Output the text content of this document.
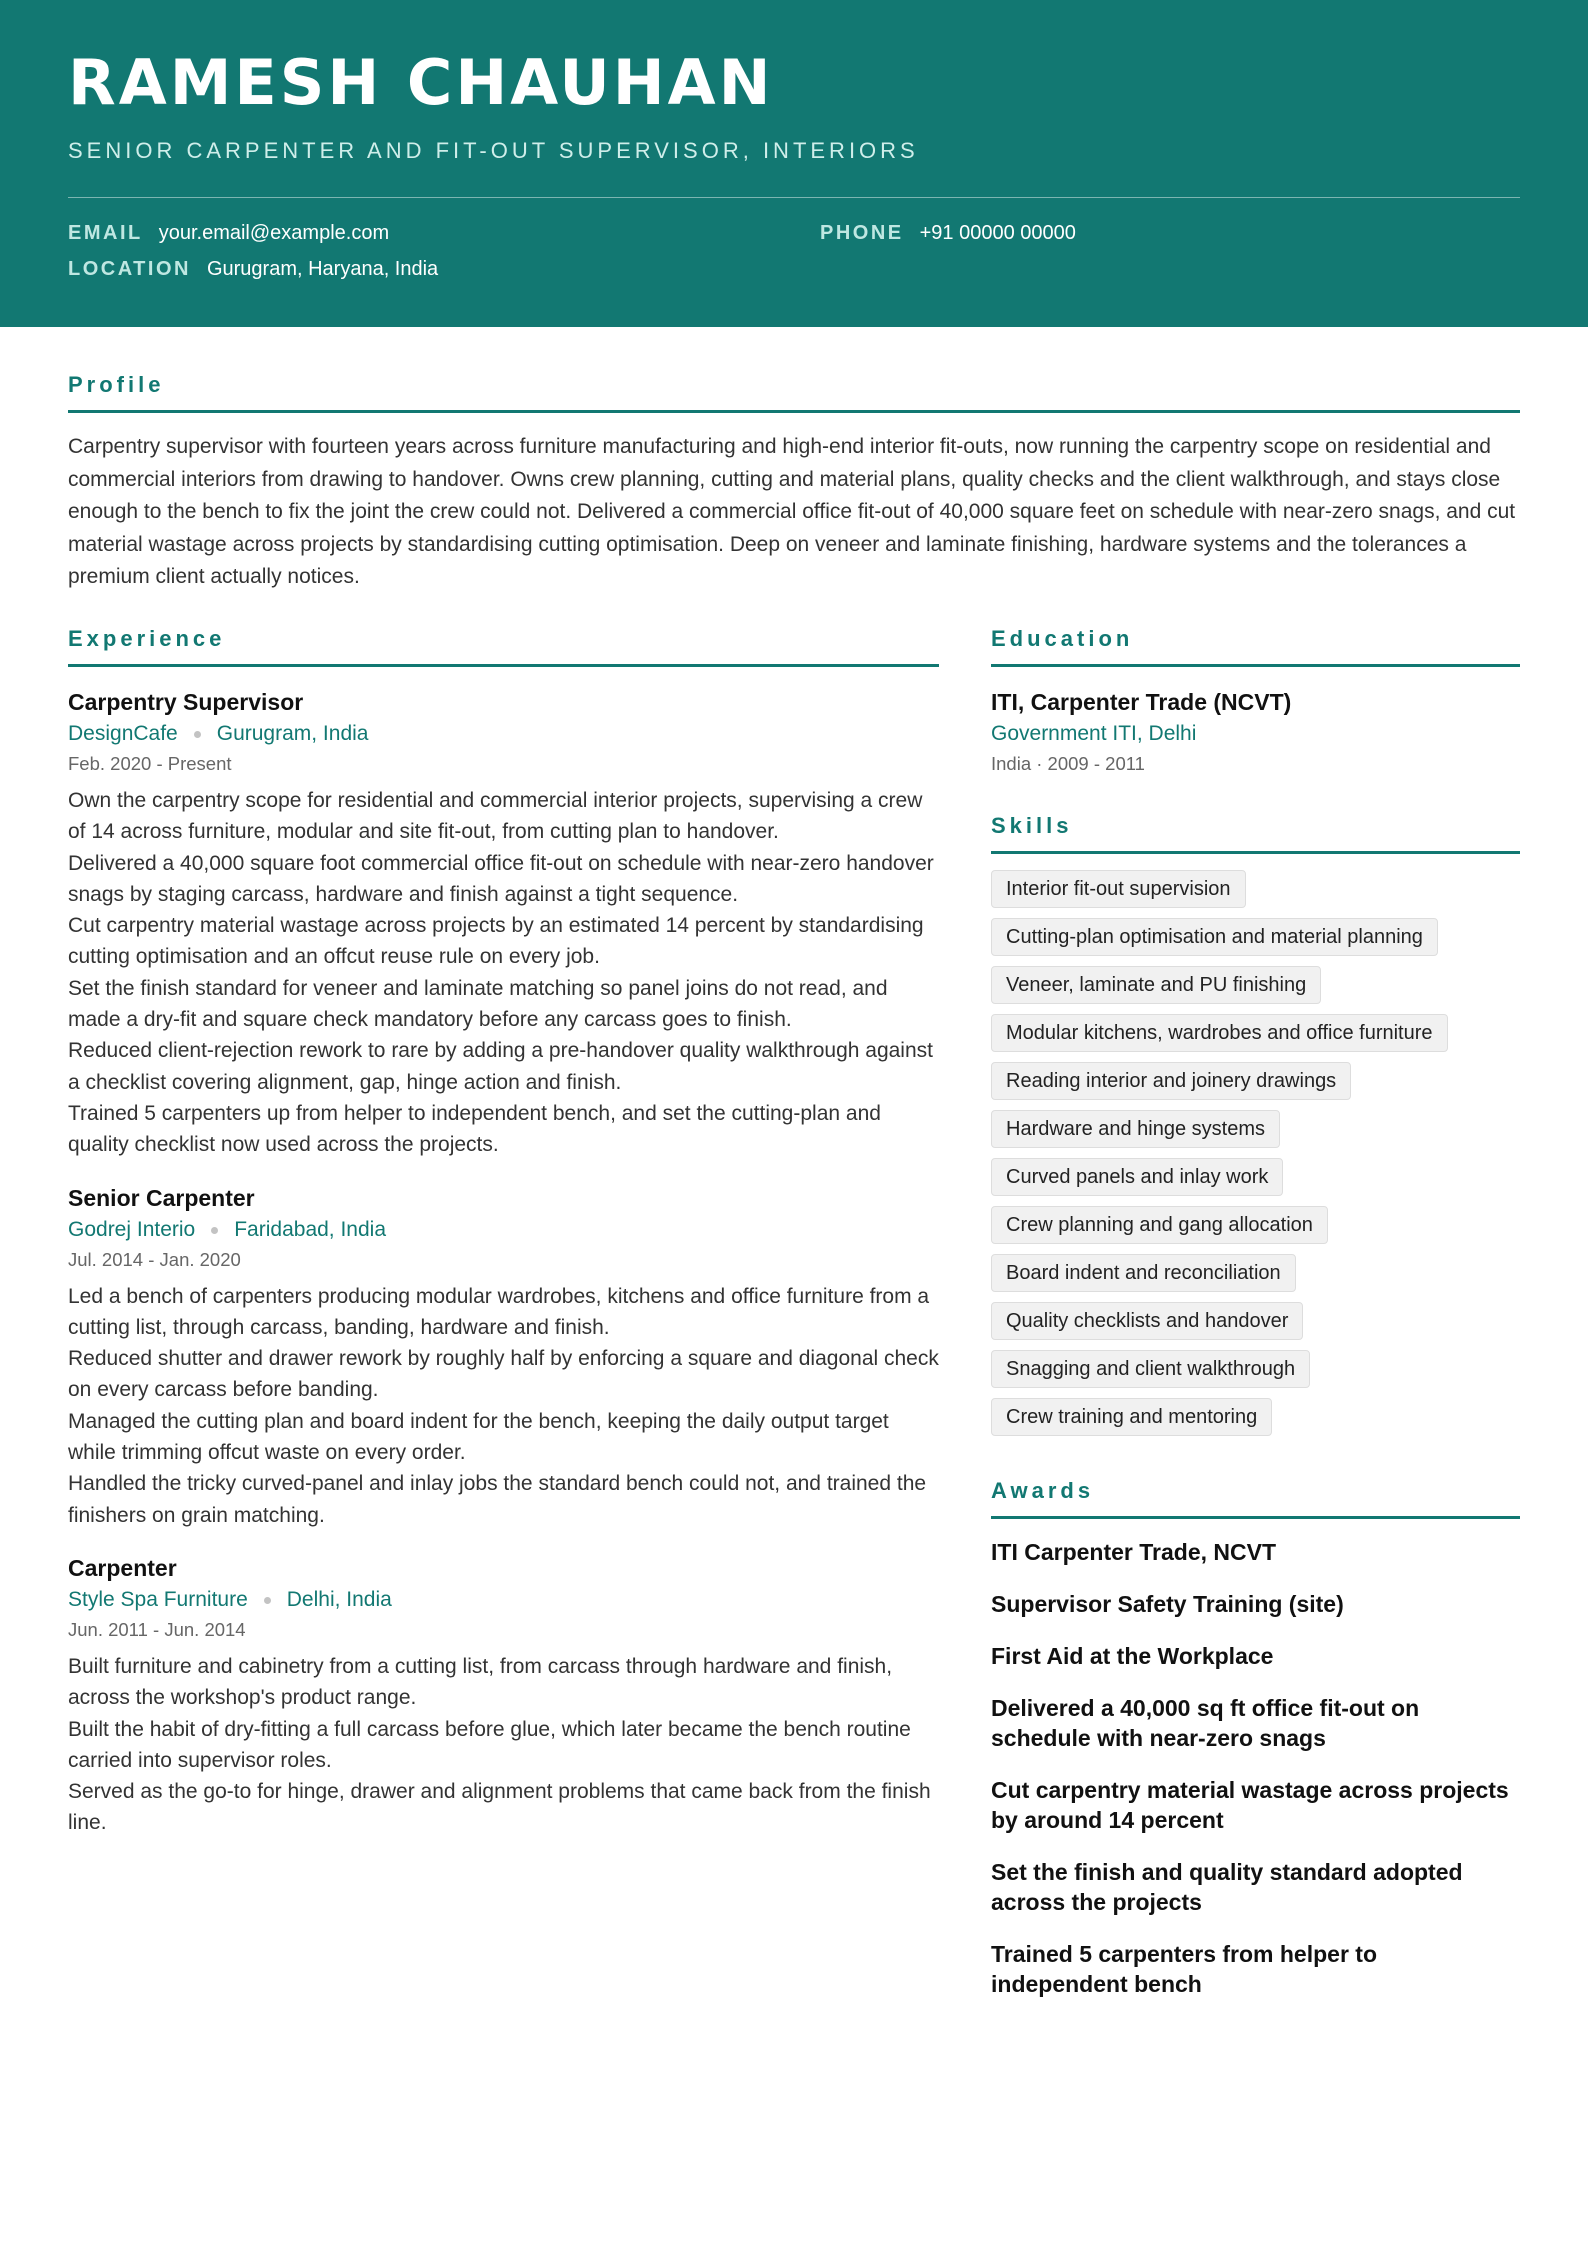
RAMESH CHAUHAN
SENIOR CARPENTER AND FIT-OUT SUPERVISOR, INTERIORS
EMAIL your.email@example.com	PHONE +91 00000 00000
LOCATION Gurugram, Haryana, India
Profile

Carpentry supervisor with fourteen years across furniture manufacturing and high-end interior fit-outs, now running the carpentry scope on residential and commercial interiors from drawing to handover. Owns crew planning, cutting and material plans, quality checks and the client walkthrough, and stays close enough to the bench to fix the joint the crew could not. Delivered a commercial office fit-out of 40,000 square feet on schedule with near-zero snags, and cut material wastage across projects by standardising cutting optimisation. Deep on veneer and laminate finishing, hardware systems and the tolerances a premium client actually notices.

Experience
Carpentry Supervisor
DesignCafe Gurugram, India
Feb. 2020 - Present
Own the carpentry scope for residential and commercial interior projects, supervising a crew of 14 across furniture, modular and site fit-out, from cutting plan to handover.
Delivered a 40,000 square foot commercial office fit-out on schedule with near-zero handover snags by staging carcass, hardware and finish against a tight sequence.
Cut carpentry material wastage across projects by an estimated 14 percent by standardising cutting optimisation and an offcut reuse rule on every job.
Set the finish standard for veneer and laminate matching so panel joins do not read, and made a dry-fit and square check mandatory before any carcass goes to finish.
Reduced client-rejection rework to rare by adding a pre-handover quality walkthrough against a checklist covering alignment, gap, hinge action and finish.
Trained 5 carpenters up from helper to independent bench, and set the cutting-plan and quality checklist now used across the projects.
Senior Carpenter
Godrej Interio Faridabad, India
Jul. 2014 - Jan. 2020
Led a bench of carpenters producing modular wardrobes, kitchens and office furniture from a cutting list, through carcass, banding, hardware and finish.
Reduced shutter and drawer rework by roughly half by enforcing a square and diagonal check on every carcass before banding.
Managed the cutting plan and board indent for the bench, keeping the daily output target while trimming offcut waste on every order.
Handled the tricky curved-panel and inlay jobs the standard bench could not, and trained the finishers on grain matching.
Carpenter
Style Spa Furniture Delhi, India
Jun. 2011 - Jun. 2014
Built furniture and cabinetry from a cutting list, from carcass through hardware and finish, across the workshop's product range.
Built the habit of dry-fitting a full carcass before glue, which later became the bench routine carried into supervisor roles.
Served as the go-to for hinge, drawer and alignment problems that came back from the finish line.
Education
ITI, Carpenter Trade (NCVT)
Government ITI, Delhi
India · 2009 - 2011
Skills
Interior fit-out supervision
Cutting-plan optimisation and material planning
Veneer, laminate and PU finishing
Modular kitchens, wardrobes and office furniture
Reading interior and joinery drawings
Hardware and hinge systems
Curved panels and inlay work
Crew planning and gang allocation
Board indent and reconciliation
Quality checklists and handover
Snagging and client walkthrough
Crew training and mentoring
Awards
ITI Carpenter Trade, NCVT
Supervisor Safety Training (site)
First Aid at the Workplace
Delivered a 40,000 sq ft office fit-out on schedule with near-zero snags
Cut carpentry material wastage across projects by around 14 percent
Set the finish and quality standard adopted across the projects
Trained 5 carpenters from helper to independent bench
